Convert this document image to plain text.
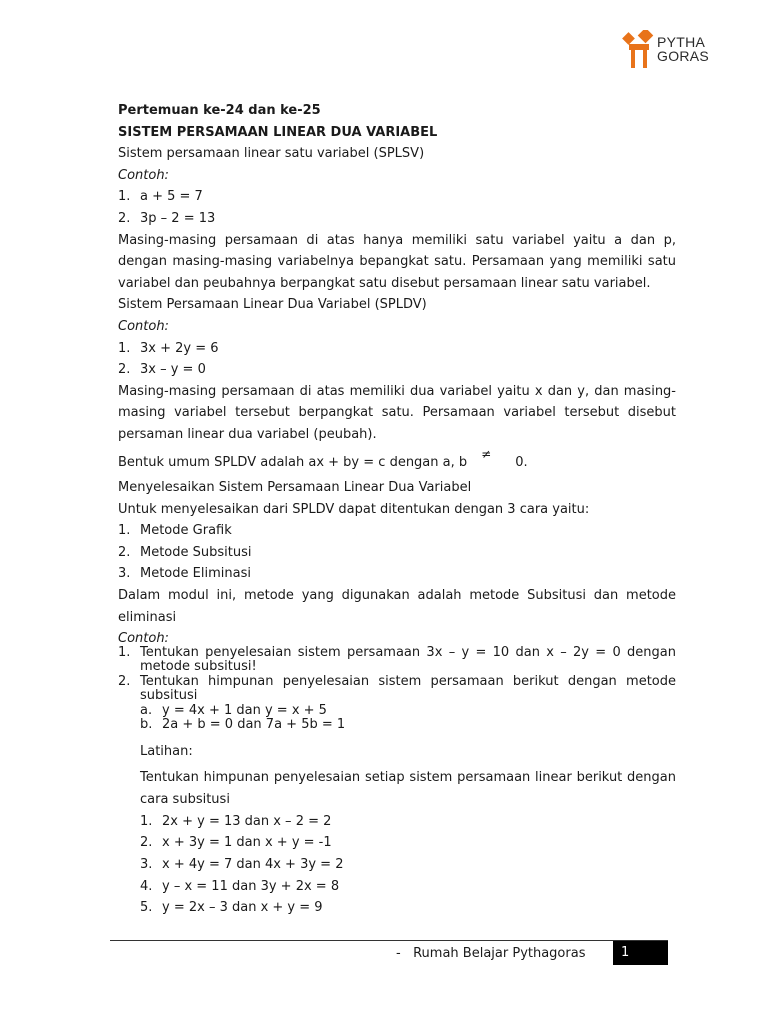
PYTHA
GORAS

Pertemuan ke-24 dan ke-25

SISTEM PERSAMAAN LINEAR DUA VARIABEL

Sistem persamaan linear satu variabel (SPLSV)

Contoh:

1. a + 5 = 7
2. 3p – 2 = 13

Masing-masing persamaan di atas hanya memiliki satu variabel yaitu a dan p, dengan masing-masing variabelnya bepangkat satu. Persamaan yang memiliki satu variabel dan peubahnya berpangkat satu disebut persamaan linear satu variabel.

Sistem Persamaan Linear Dua Variabel (SPLDV)

Contoh:

1. 3x + 2y = 6
2. 3x – y = 0

Masing-masing persamaan di atas memiliki dua variabel yaitu x dan y, dan masing-masing variabel tersebut berpangkat satu. Persamaan variabel tersebut disebut persaman linear dua variabel (peubah).

Bentuk umum SPLDV adalah ax + by = c dengan a, b≠0.

Menyelesaikan Sistem Persamaan Linear Dua Variabel

Untuk menyelesaikan dari SPLDV dapat ditentukan dengan 3 cara yaitu:

1. Metode Grafik
2. Metode Subsitusi
3. Metode Eliminasi

Dalam modul ini, metode yang digunakan adalah metode Subsitusi dan metode eliminasi

Contoh:

1. Tentukan penyelesaian sistem persamaan 3x – y = 10 dan x – 2y = 0 dengan metode subsitusi!
2. Tentukan himpunan penyelesaian sistem persamaan berikut dengan metode subsitusi
a. y = 4x + 1 dan y = x + 5
b. 2a + b = 0 dan 7a + 5b = 1

Latihan:

Tentukan himpunan penyelesaian setiap sistem persamaan linear berikut dengan cara subsitusi

1. 2x + y = 13 dan x – 2 = 2
2. x + 3y = 1 dan x + y = -1
3. x + 4y = 7 dan 4x + 3y = 2
4. y – x = 11 dan 3y + 2x = 8
5. y = 2x – 3 dan x + y = 9
- Rumah Belajar Pythagoras	1
